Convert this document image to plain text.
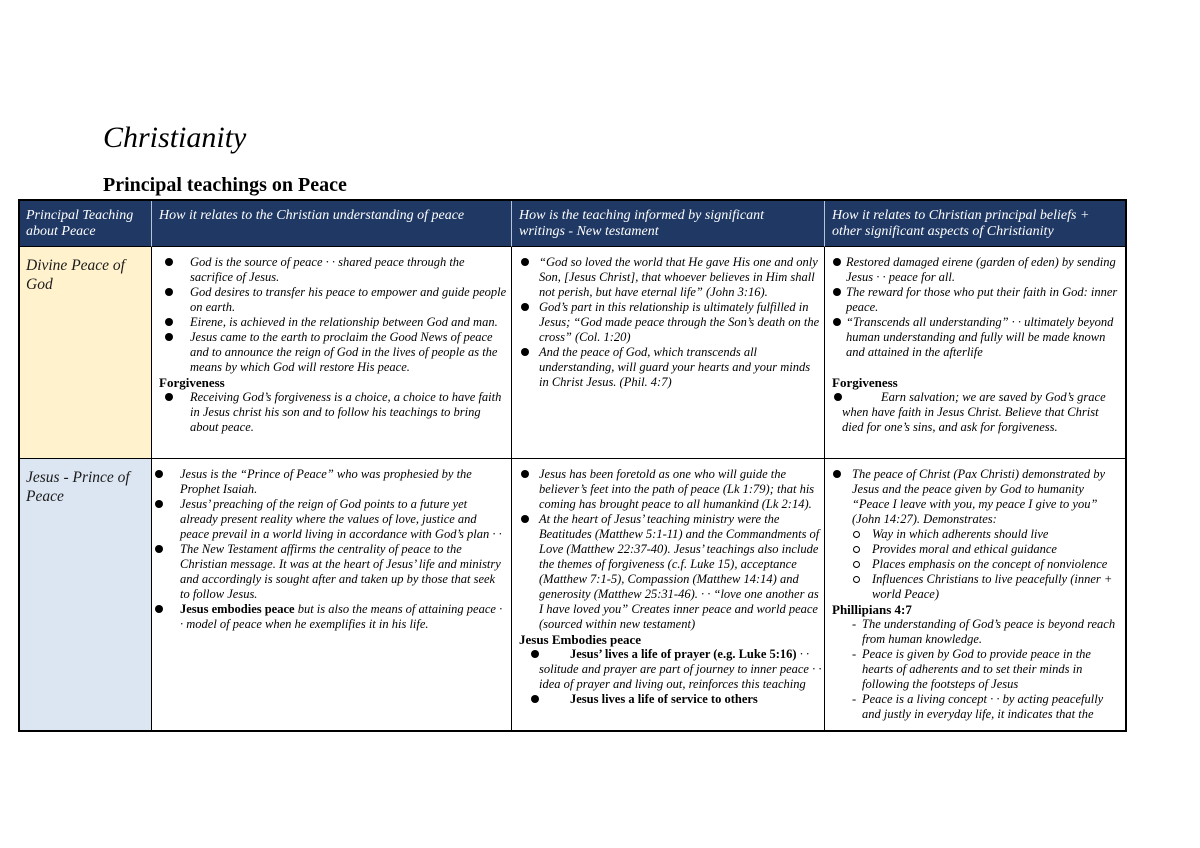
Christianity
Principal teachings on Peace
Principal Teaching about Peace
How it relates to the Christian understanding of peace	How is the teaching informed by significant writings - New testament
How it relates to Christian principal beliefs + other significant aspects of Christianity
Divine Peace of God
God is the source of peace · · shared peace through the sacrifice of Jesus.
God desires to transfer his peace to empower and guide people on earth.
Eirene, is achieved in the relationship between God and man.
Jesus came to the earth to proclaim the Good News of peace and to announce the reign of God in the lives of people as the means by which God will restore His peace.

Forgiveness

Receiving God’s forgiveness is a choice, a choice to have faith in Jesus christ his son and to follow his teachings to bring about peace.
“God so loved the world that He gave His one and only Son, [Jesus Christ], that whoever believes in Him shall not perish, but have eternal life” (John 3:16).
God’s part in this relationship is ultimately fulfilled in Jesus; “God made peace through the Son’s death on the cross” (Col. 1:20)
And the peace of God, which transcends all understanding, will guard your hearts and your minds in Christ Jesus. (Phil. 4:7)
Restored damaged eirene (garden of eden) by sending Jesus · · peace for all.
The reward for those who put their faith in God: inner peace.
“Transcends all understanding” · · ultimately beyond human understanding and fully will be made known and attained in the afterlife

Forgiveness

Earn salvation; we are saved by God’s grace when have faith in Jesus Christ. Believe that Christ died for one’s sins, and ask for forgiveness.

Jesus - Prince of Peace
Jesus is the “Prince of Peace” who was prophesied by the Prophet Isaiah.
Jesus’ preaching of the reign of God points to a future yet already present reality where the values of love, justice and peace prevail in a world living in accordance with God’s plan · ·
The New Testament affirms the centrality of peace to the Christian message. It was at the heart of Jesus’ life and ministry and accordingly is sought after and taken up by those that seek to follow Jesus.
Jesus embodies peace but is also the means of attaining peace · · model of peace when he exemplifies it in his life.
Jesus has been foretold as one who will guide the believer’s feet into the path of peace (Lk 1:79); that his coming has brought peace to all humankind (Lk 2:14).
At the heart of Jesus’ teaching ministry were the Beatitudes (Matthew 5:1-11) and the Commandments of Love (Matthew 22:37-40). Jesus’ teachings also include the themes of forgiveness (c.f. Luke 15), acceptance (Matthew 7:1-5), Compassion (Matthew 14:14) and generosity (Matthew 25:31-46). · · “love one another as I have loved you” Creates inner peace and world peace (sourced within new testament)

Jesus Embodies peace

Jesus’ lives a life of prayer (e.g. Luke 5:16) · · solitude and prayer are part of journey to inner peace · · idea of prayer and living out, reinforces this teaching

Jesus lives a life of service to others

The peace of Christ (Pax Christi) demonstrated by Jesus and the peace given by God to humanity “Peace I leave with you, my peace I give to you” (John 14:27). Demonstrates:
Way in which adherents should live
Provides moral and ethical guidance
Places emphasis on the concept of nonviolence
Influences Christians to live peacefully (inner + world Peace)

Phillipians 4:7

- The understanding of God’s peace is beyond reach from human knowledge.
- Peace is given by God to provide peace in the hearts of adherents and to set their minds in following the footsteps of Jesus
- Peace is a living concept · · by acting peacefully and justly in everyday life, it indicates that the
